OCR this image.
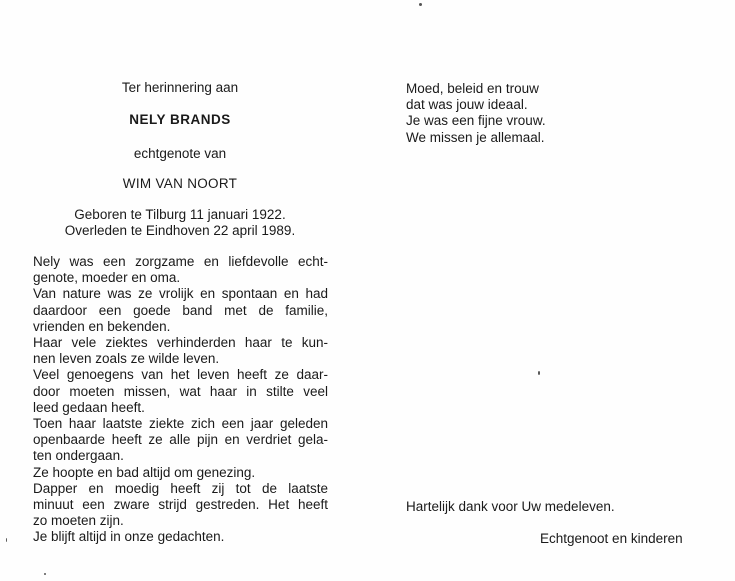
Ter herinnering aan
NELY BRANDS
echtgenote van
WIM VAN NOORT
Geboren te Tilburg 11 januari 1922.
Overleden te Eindhoven 22 april 1989.
Nely was een zorgzame en liefdevolle echt-
genote, moeder en oma.
Van nature was ze vrolijk en spontaan en had
daardoor een goede band met de familie,
vrienden en bekenden.
Haar vele ziektes verhinderden haar te kun-
nen leven zoals ze wilde leven.
Veel genoegens van het leven heeft ze daar-
door moeten missen, wat haar in stilte veel
leed gedaan heeft.
Toen haar laatste ziekte zich een jaar geleden
openbaarde heeft ze alle pijn en verdriet gela-
ten ondergaan.
Ze hoopte en bad altijd om genezing.
Dapper en moedig heeft zij tot de laatste
minuut een zware strijd gestreden. Het heeft
zo moeten zijn.
Je blijft altijd in onze gedachten.
Moed, beleid en trouw
dat was jouw ideaal.
Je was een fijne vrouw.
We missen je allemaal.
Hartelijk dank voor Uw medeleven.
Echtgenoot en kinderen
